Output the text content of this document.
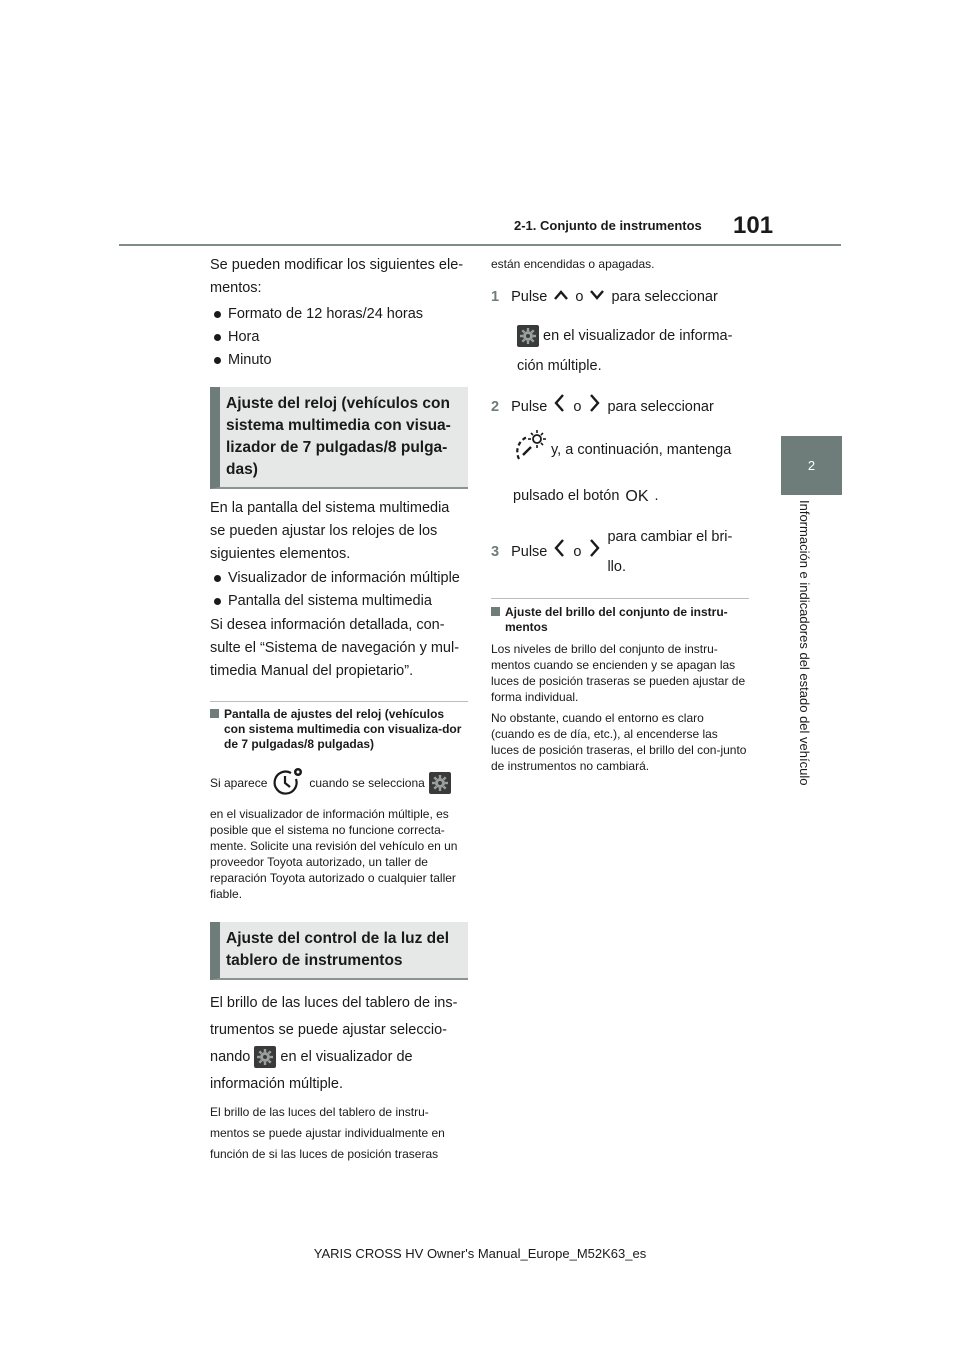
2-1. Conjunto de instrumentos 101
2
Información e indicadores del estado del vehículo

Se pueden modificar los siguientes ele-mentos:

Formato de 12 horas/24 horas
Hora
Minuto
Ajuste del reloj (vehículos con sistema multimedia con visua-lizador de 7 pulgadas/8 pulga-das)

En la pantalla del sistema multimedia se pueden ajustar los relojes de los siguientes elementos.

Visualizador de información múltiple
Pantalla del sistema multimedia

Si desea información detallada, con-sulte el “Sistema de navegación y mul-timedia Manual del propietario”.

Pantalla de ajustes del reloj (vehículos con sistema multimedia con visualiza-dor de 7 pulgadas/8 pulgadas)
Si aparece	cuando se selecciona

en el visualizador de información múltiple, es posible que el sistema no funcione correcta-mente. Solicite una revisión del vehículo en un proveedor Toyota autorizado, un taller de reparación Toyota autorizado o cualquier taller fiable.

Ajuste del control de la luz del tablero de instrumentos

El brillo de las luces del tablero de ins-trumentos se puede ajustar seleccio-nando en el visualizador de información múltiple.

El brillo de las luces del tablero de instru-mentos se puede ajustar individualmente en función de si las luces de posición traseras

están encendidas o apagadas.

1 Pulse o para seleccionar
en el visualizador de informa-ción múltiple.
2 Pulse o para seleccionar
y, a continuación, mantenga
pulsado el botón OK .
3 Pulse o
para cambiar el bri-llo.
Ajuste del brillo del conjunto de instru-mentos

Los niveles de brillo del conjunto de instru-mentos cuando se encienden y se apagan las luces de posición traseras se pueden ajustar de forma individual.

No obstante, cuando el entorno es claro (cuando es de día, etc.), al encenderse las luces de posición traseras, el brillo del con-junto de instrumentos no cambiará.

YARIS CROSS HV Owner's Manual_Europe_M52K63_es
